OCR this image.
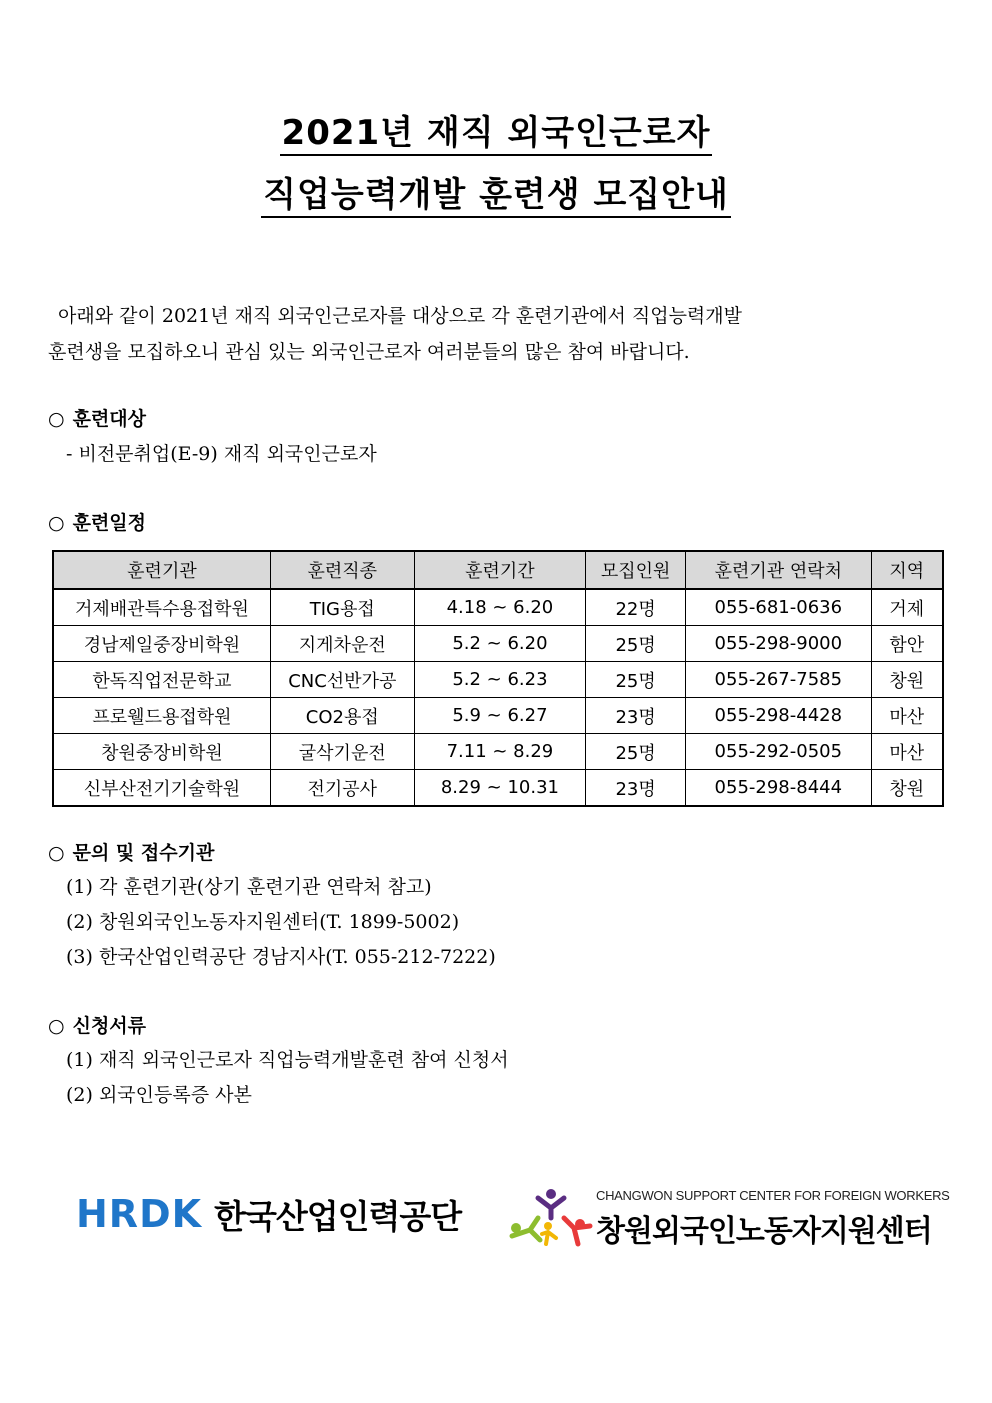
2021년 재직 외국인근로자
직업능력개발 훈련생 모집안내

아래와 같이 2021년 재직 외국인근로자를 대상으로 각 훈련기관에서 직업능력개발

훈련생을 모집하오니 관심 있는 외국인근로자 여러분들의 많은 참여 바랍니다.

○ 훈련대상
- 비전문취업(E-9) 재직 외국인근로자
○ 훈련일정
훈련기관	훈련직종	훈련기간	모집인원	훈련기관 연락처	지역
거제배관특수용접학원	TIG용접	4.18 ~ 6.20	22명	055-681-0636	거제
경남제일중장비학원	지게차운전	5.2 ~ 6.20	25명	055-298-9000	함안
한독직업전문학교	CNC선반가공	5.2 ~ 6.23	25명	055-267-7585	창원
프로웰드용접학원	CO2용접	5.9 ~ 6.27	23명	055-298-4428	마산
창원중장비학원	굴삭기운전	7.11 ~ 8.29	25명	055-292-0505	마산
신부산전기기술학원	전기공사	8.29 ~ 10.31	23명	055-298-8444	창원
○ 문의 및 접수기관
(1) 각 훈련기관(상기 훈련기관 연락처 참고)
(2) 창원외국인노동자지원센터(T. 1899-5002)
(3) 한국산업인력공단 경남지사(T. 055-212-7222)
○ 신청서류
(1) 재직 외국인근로자 직업능력개발훈련 참여 신청서
(2) 외국인등록증 사본
HRDK 한국산업인력공단
CHANGWON SUPPORT CENTER FOR FOREIGN WORKERS
창원외국인노동자지원센터
